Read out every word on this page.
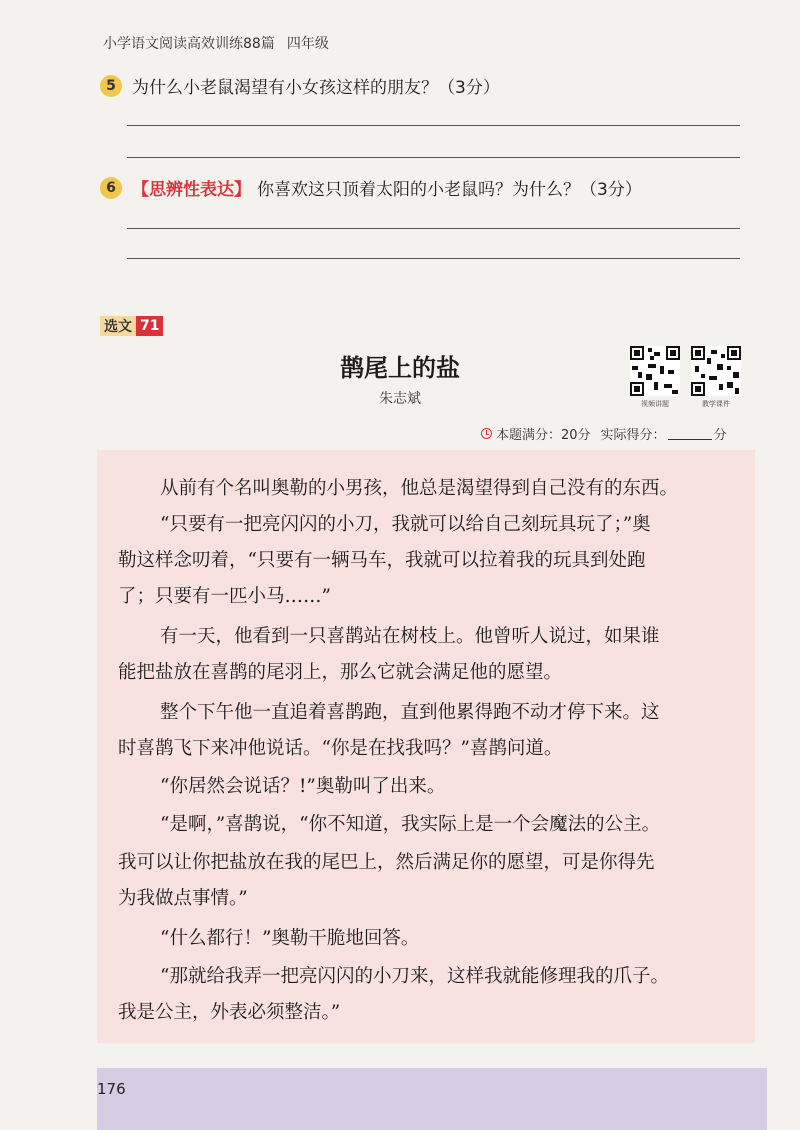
小学语文阅读高效训练88篇 四年级
5 为什么小老鼠渴望有小女孩这样的朋友？（3分）
6 【思辨性表达】 你喜欢这只顶着太阳的小老鼠吗？为什么？（3分）
选文 71
鹊尾上的盐
朱志斌	视频讲题	教学课件
本题满分：20分 实际得分：	分
从前有个名叫奥勒的小男孩，他总是渴望得到自己没有的东西。
“只要有一把亮闪闪的小刀，我就可以给自己刻玩具玩了；”奥
勒这样念叨着，“只要有一辆马车，我就可以拉着我的玩具到处跑
了；只要有一匹小马……”
有一天，他看到一只喜鹊站在树枝上。他曾听人说过，如果谁
能把盐放在喜鹊的尾羽上，那么它就会满足他的愿望。
整个下午他一直追着喜鹊跑，直到他累得跑不动才停下来。这
时喜鹊飞下来冲他说话。“你是在找我吗？”喜鹊问道。
“你居然会说话？!”奥勒叫了出来。
“是啊，”喜鹊说，“你不知道，我实际上是一个会魔法的公主。
我可以让你把盐放在我的尾巴上，然后满足你的愿望，可是你得先
为我做点事情。”
“什么都行！”奥勒干脆地回答。
“那就给我弄一把亮闪闪的小刀来，这样我就能修理我的爪子。
我是公主，外表必须整洁。”
176
